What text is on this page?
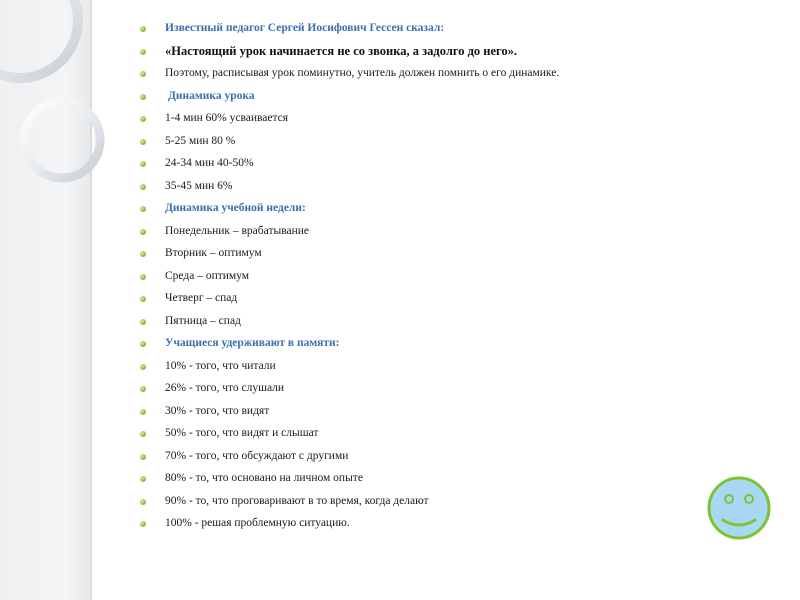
Известный педагог Сергей Иосифович Гессен сказал:
«Настоящий урок начинается не со звонка, а задолго до него».
Поэтому, расписывая урок поминутно, учитель должен помнить о его динамике.
Динамика урока
1-4 мин 60% усваивается
5-25 мин 80 %
24-34 мин 40-50%
35-45 мин 6%
Динамика учебной недели:
Понедельник – врабатывание
Вторник – оптимум
Среда – оптимум
Четверг – спад
Пятница – спад
Учащиеся удерживают в памяти:
10% - того, что читали
26% - того, что слушали
30% - того, что видят
50% - того, что видят и слышат
70% - того, что обсуждают с другими
80% - то, что основано на личном опыте
90% - то, что проговаривают в то время, когда делают
100% - решая проблемную ситуацию.
